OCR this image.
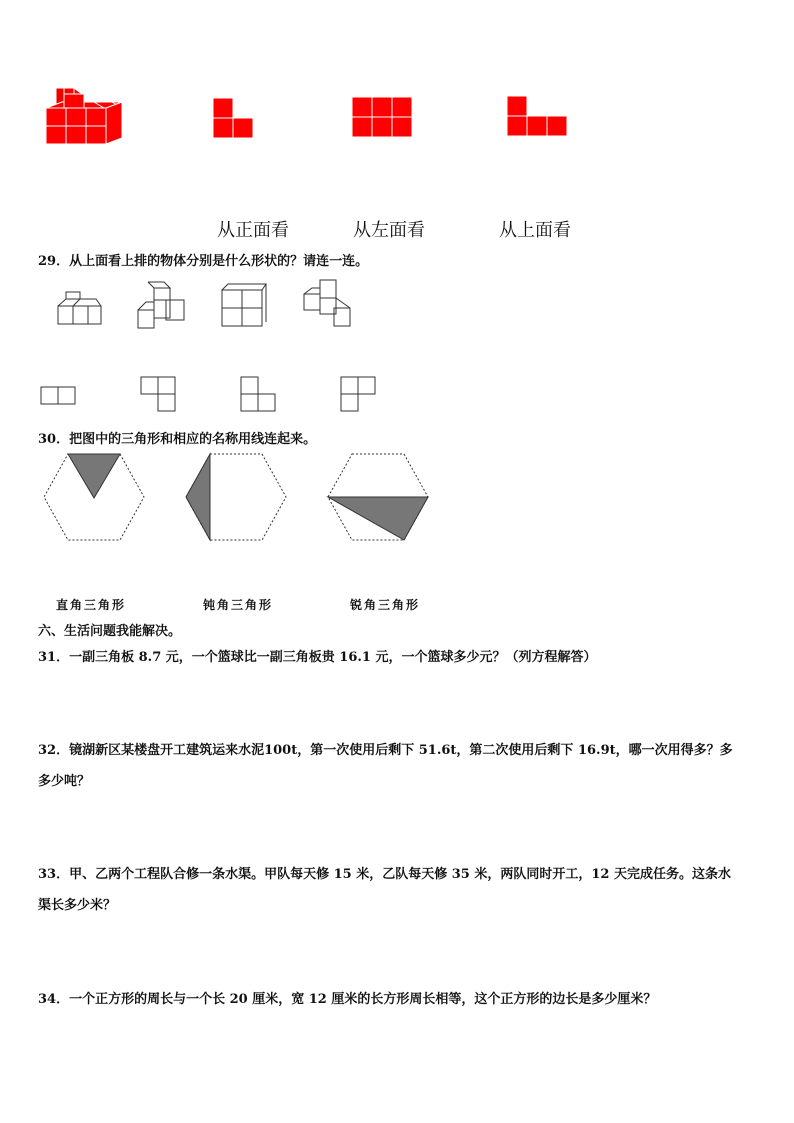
从正面看	从左面看	从上面看
29．从上面看上排的物体分别是什么形状的？请连一连。
30．把图中的三角形和相应的名称用线连起来。
直角三角形	钝角三角形	锐角三角形
六、生活问题我能解决。
31．一副三角板 8.7 元，一个篮球比一副三角板贵 16.1 元，一个篮球多少元？（列方程解答）
32．镜湖新区某楼盘开工建筑运来水泥100t，第一次使用后剩下 51.6t，第二次使用后剩下 16.9t，哪一次用得多？多
多少吨？
33．甲、乙两个工程队合修一条水渠。甲队每天修 15 米，乙队每天修 35 米，两队同时开工，12 天完成任务。这条水
渠长多少米？
34．一个正方形的周长与一个长 20 厘米，宽 12 厘米的长方形周长相等，这个正方形的边长是多少厘米？
